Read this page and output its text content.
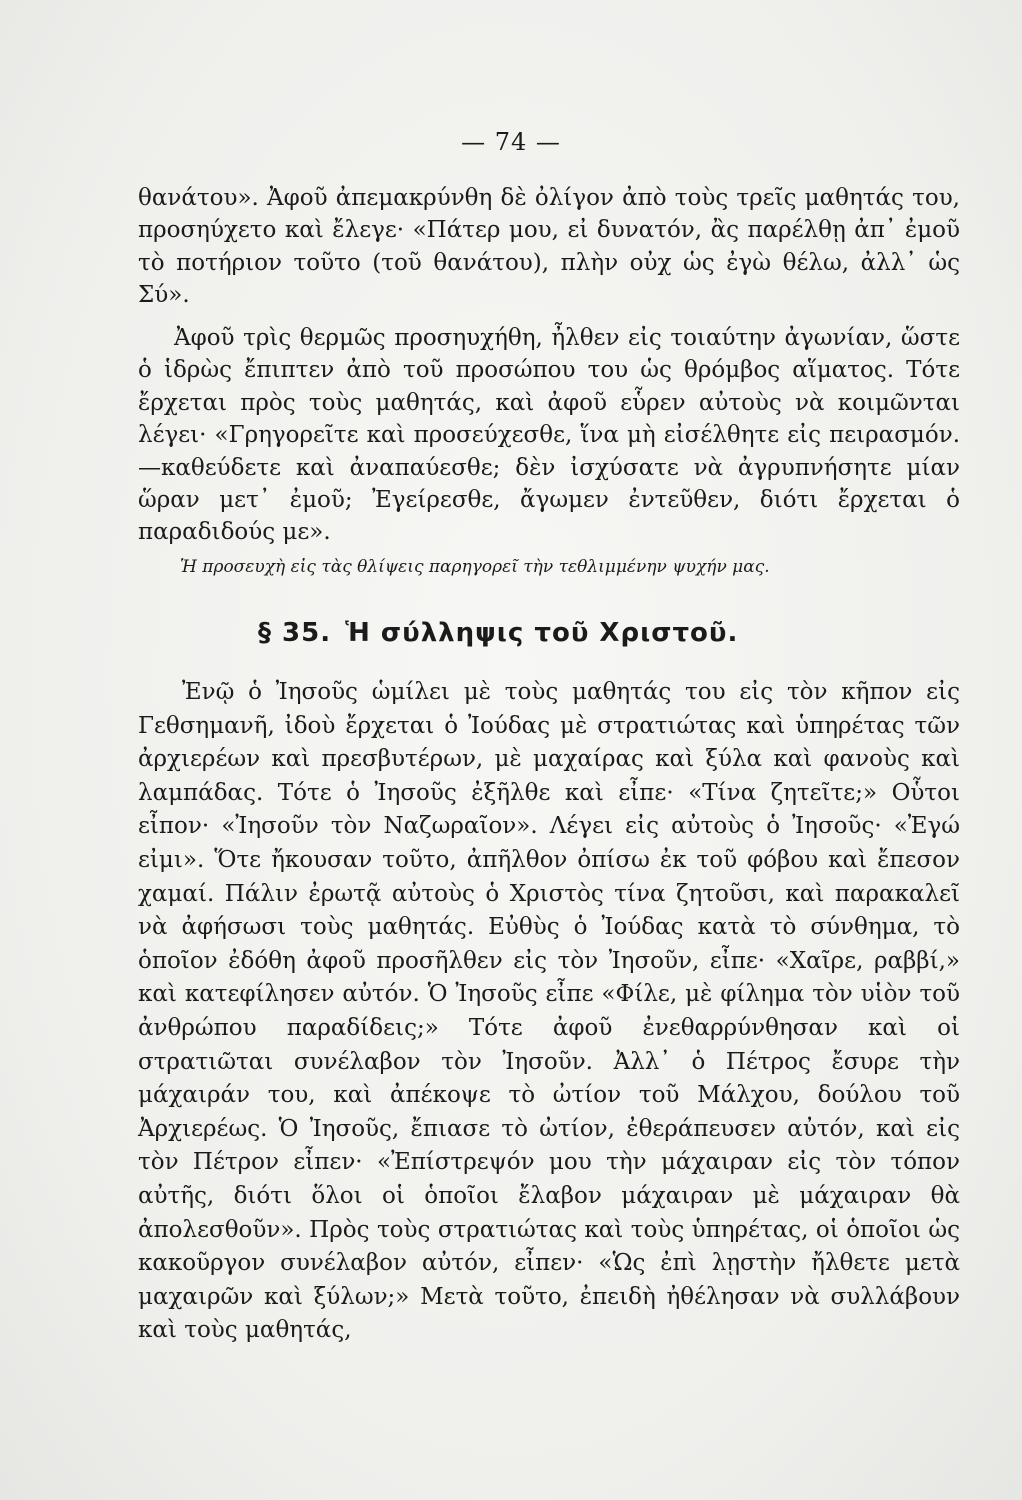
— 74 —

θανάτου». Ἀφοῦ ἀπεμακρύνθη δὲ ὀλίγον ἀπὸ τοὺς τρεῖς μαθητάς του, προσηύχετο καὶ ἔλεγε· «Πάτερ μου, εἰ δυνατόν, ἂς παρέλθῃ ἀπ᾽ ἐμοῦ τὸ ποτήριον τοῦτο (τοῦ θανάτου), πλὴν οὐχ ὡς ἐγὼ θέλω, ἀλλ᾽ ὡς Σύ».

Ἀφοῦ τρὶς θερμῶς προσηυχήθη, ἦλθεν εἰς τοιαύτην ἀγωνίαν, ὥστε ὁ ἱδρὼς ἔπιπτεν ἀπὸ τοῦ προσώπου του ὡς θρόμβος αἵματος. Τότε ἔρχεται πρὸς τοὺς μαθητάς, καὶ ἀφοῦ εὗρεν αὐτοὺς νὰ κοιμῶνται λέγει· «Γρηγορεῖτε καὶ προσεύχεσθε, ἵνα μὴ εἰσέλθητε εἰς πειρασμόν.—καθεύδετε καὶ ἀναπαύεσθε; δὲν ἰσχύσατε νὰ ἀγρυπνήσητε μίαν ὥραν μετ᾽ ἐμοῦ; Ἐγείρεσθε, ἄγωμεν ἐντεῦθεν, διότι ἔρχεται ὁ παραδιδούς με».

Ἡ προσευχὴ εἰς τὰς θλίψεις παρηγορεῖ τὴν τεθλιμμένην ψυχήν μας.
§ 35. Ἡ σύλληψις τοῦ Χριστοῦ.

Ἐνῷ ὁ Ἰησοῦς ὡμίλει μὲ τοὺς μαθητάς του εἰς τὸν κῆπον εἰς Γεθσημανῆ, ἰδοὺ ἔρχεται ὁ Ἰούδας μὲ στρατιώτας καὶ ὑπηρέτας τῶν ἀρχιερέων καὶ πρεσβυτέρων, μὲ μαχαίρας καὶ ξύλα καὶ φανοὺς καὶ λαμπάδας. Τότε ὁ Ἰησοῦς ἐξῆλθε καὶ εἶπε· «Τίνα ζητεῖτε;» Οὗτοι εἶπον· «Ἰησοῦν τὸν Ναζωραῖον». Λέγει εἰς αὐτοὺς ὁ Ἰησοῦς· «Ἐγώ εἰμι». Ὅτε ἤκουσαν τοῦτο, ἀπῆλθον ὀπίσω ἐκ τοῦ φόβου καὶ ἔπεσον χαμαί. Πάλιν ἐρωτᾷ αὐτοὺς ὁ Χριστὸς τίνα ζητοῦσι, καὶ παρακαλεῖ νὰ ἀφήσωσι τοὺς μαθητάς. Εὐθὺς ὁ Ἰούδας κατὰ τὸ σύνθημα, τὸ ὁποῖον ἐδόθη ἀφοῦ προσῆλθεν εἰς τὸν Ἰησοῦν, εἶπε· «Χαῖρε, ραββί,» καὶ κατεφίλησεν αὐτόν. Ὁ Ἰησοῦς εἶπε «Φίλε, μὲ φίλημα τὸν υἱὸν τοῦ ἀνθρώπου παραδίδεις;» Τότε ἀφοῦ ἐνεθαρρύνθησαν καὶ οἱ στρατιῶται συνέλαβον τὸν Ἰησοῦν. Ἀλλ᾽ ὁ Πέτρος ἔσυρε τὴν μάχαιράν του, καὶ ἀπέκοψε τὸ ὠτίον τοῦ Μάλχου, δούλου τοῦ Ἀρχιερέως. Ὁ Ἰησοῦς, ἔπιασε τὸ ὠτίον, ἐθεράπευσεν αὐτόν, καὶ εἰς τὸν Πέτρον εἶπεν· «Ἐπίστρεψόν μου τὴν μάχαιραν εἰς τὸν τόπον αὐτῆς, διότι ὅλοι οἱ ὁποῖοι ἔλαβον μάχαιραν μὲ μάχαιραν θὰ ἀπολεσθοῦν». Πρὸς τοὺς στρατιώτας καὶ τοὺς ὑπηρέτας, οἱ ὁποῖοι ὡς κακοῦργον συνέλαβον αὐτόν, εἶπεν· «Ὡς ἐπὶ λῃστὴν ἤλθετε μετὰ μαχαιρῶν καὶ ξύλων;» Μετὰ τοῦτο, ἐπειδὴ ἠθέλησαν νὰ συλλάβουν καὶ τοὺς μαθητάς,
